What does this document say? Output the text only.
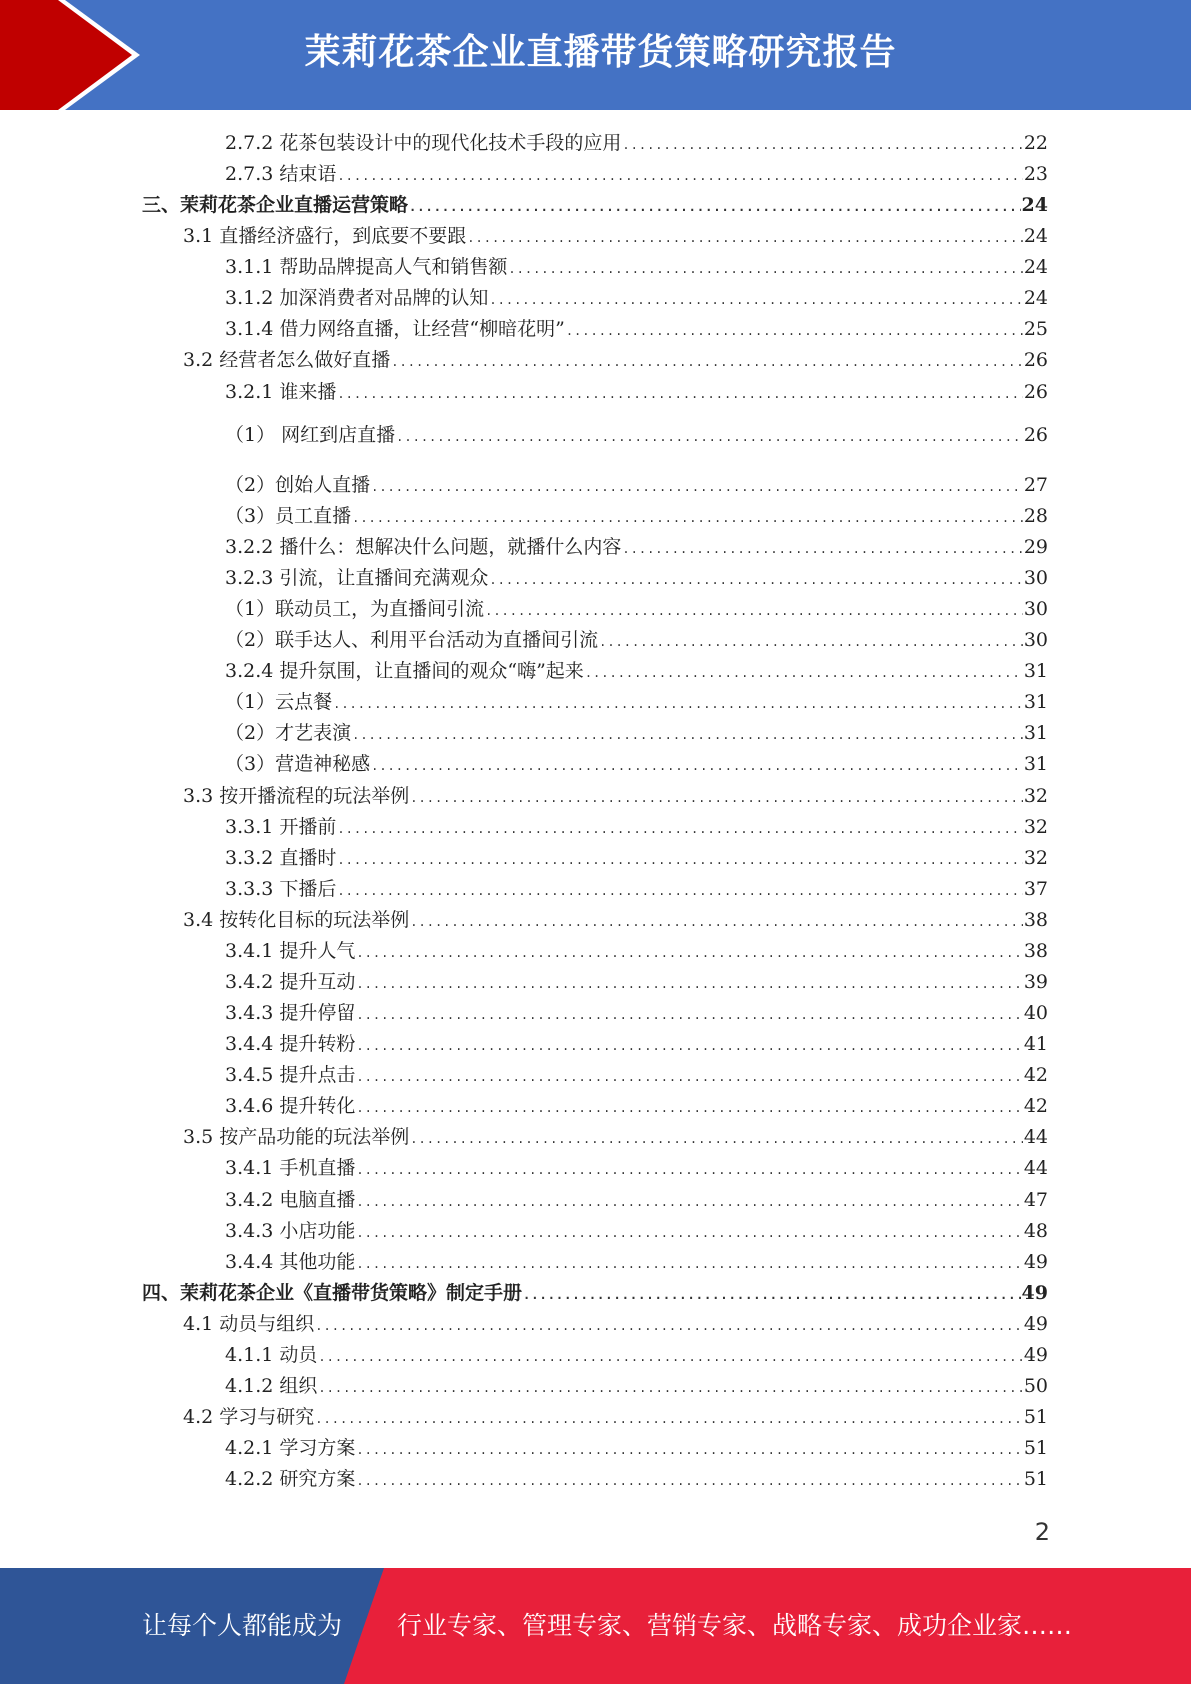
茉莉花茶企业直播带货策略研究报告
2.7.2 花茶包装设计中的现代化技术手段的应用 .....	22
2.7.3 结束语 .....	23
三、茉莉花茶企业直播运营策略 .....	24
3.1 直播经济盛行，到底要不要跟 .....	24
3.1.1 帮助品牌提高人气和销售额 .....	24
3.1.2 加深消费者对品牌的认知 .....	24
3.1.4 借力网络直播，让经营“柳暗花明” .....	25
3.2 经营者怎么做好直播 .....	26
3.2.1 谁来播 .....	26
（1） 网红到店直播 .....	26
（2）创始人直播 .....	27
（3）员工直播 .....	28
3.2.2 播什么：想解决什么问题，就播什么内容 .....	29
3.2.3 引流，让直播间充满观众 .....	30
（1）联动员工，为直播间引流 .....	30
（2）联手达人、利用平台活动为直播间引流 .....	30
3.2.4 提升氛围，让直播间的观众“嗨”起来 .....	31
（1）云点餐 .....	31
（2）才艺表演 .....	31
（3）营造神秘感 .....	31
3.3 按开播流程的玩法举例 .....	32
3.3.1 开播前 .....	32
3.3.2 直播时 .....	32
3.3.3 下播后 .....	37
3.4 按转化目标的玩法举例 .....	38
3.4.1 提升人气 .....	38
3.4.2 提升互动 .....	39
3.4.3 提升停留 .....	40
3.4.4 提升转粉 .....	41
3.4.5 提升点击 .....	42
3.4.6 提升转化 .....	42
3.5 按产品功能的玩法举例 .....	44
3.4.1 手机直播 .....	44
3.4.2 电脑直播 .....	47
3.4.3 小店功能 .....	48
3.4.4 其他功能 .....	49
四、茉莉花茶企业《直播带货策略》制定手册 .....	49
4.1 动员与组织 .....	49
4.1.1 动员 .....	49
4.1.2 组织 .....	50
4.2 学习与研究 .....	51
4.2.1 学习方案 .....	51
4.2.2 研究方案 .....	51
2
让每个人都能成为 行业专家、管理专家、营销专家、战略专家、成功企业家……
